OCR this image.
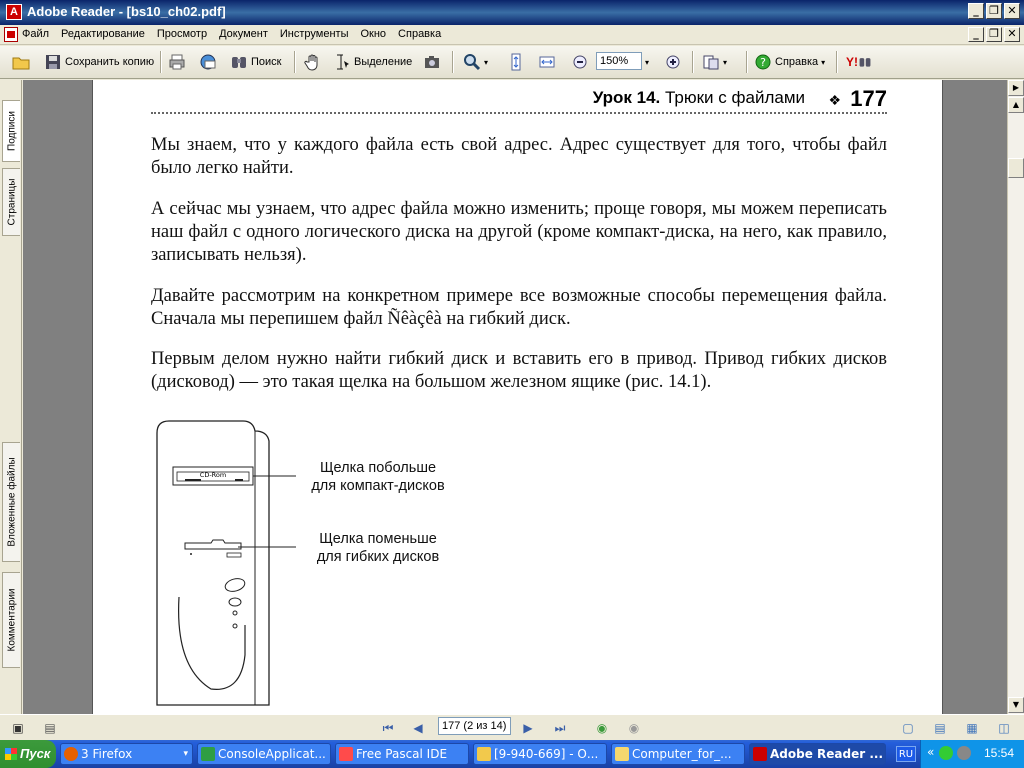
A Adobe Reader - [bs10_ch02.pdf]	_ ❐ ✕
Файл Редактирование Просмотр Документ Инструменты Окно Справка	_ ❐ ✕
Сохранить копию	Поиск	Выделение	▾	▾	▾	? Справка ▾ Y!
150%
Подписи
Страницы
Вложенные файлы
Комментарии
Урок 14. Трюки с файлами ❖ 177
Мы знаем, что у каждого файла есть свой адрес. Адрес существует для того, чтобы файл было легко найти.
А сейчас мы узнаем, что адрес файла можно изменить; проще говоря, мы можем переписать наш файл с одного логического диска на другой (кроме компакт-диска, на него, как правило, записывать нельзя).
Давайте рассмотрим на конкретном примере все возможные способы перемещения файла. Сначала мы перепишем файл Ñêàçêà на гибкий диск.
Первым делом нужно найти гибкий диск и вставить его в привод. Привод гибких дисков (дисковод) — это такая щелка на большом железном ящике (рис. 14.1).
CD-Rom	Щелка побольше
для компакт-дисков
Щелка поменьше
для гибких дисков
▶
▲
▼
▣	▤	⏮	◀	▶	⏭	◉	◉	▢	▤	▦	◫
177 (2 из 14)
Пуск	3 Firefox	▾	ConsoleApplicat...	Free Pascal IDE	[9-940-669] - О...	Computer_for_...	Adobe Reader ...	«	15:54
RU
